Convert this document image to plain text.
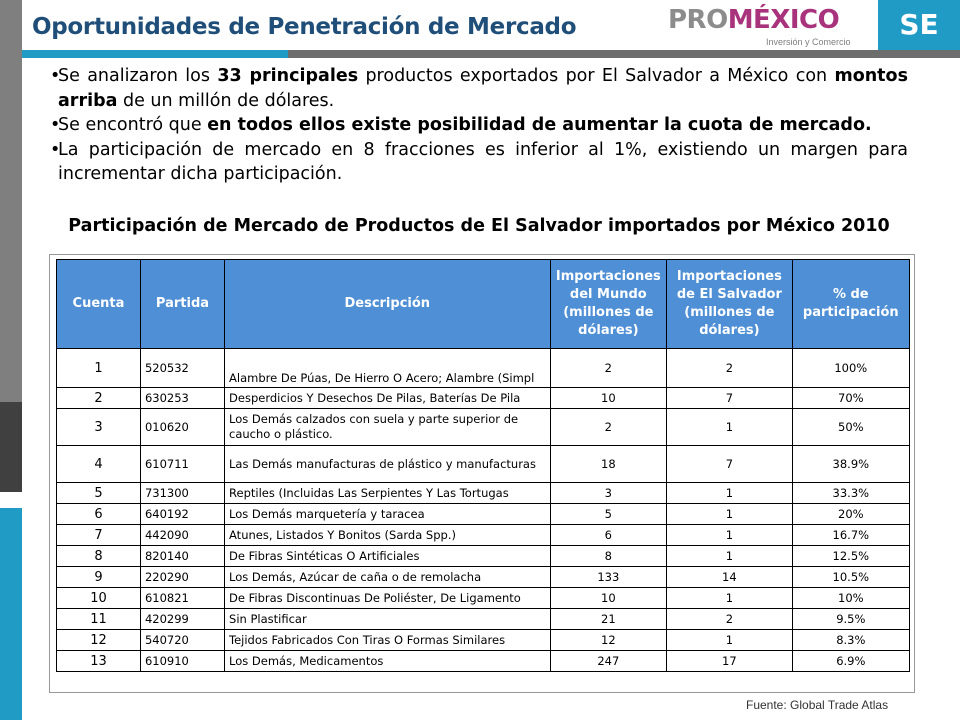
Oportunidades de Penetración de Mercado	PROMÉXICO
Inversión y Comercio
SE
• Se analizaron los 33 principales productos exportados por El Salvador a México con montos arriba de un millón de dólares.
• Se encontró que en todos ellos existe posibilidad de aumentar la cuota de mercado.
• La participación de mercado en 8 fracciones es inferior al 1%, existiendo un margen para incrementar dicha participación.
Participación de Mercado de Productos de El Salvador importados por México 2010
Cuenta	Partida	Descripción	Importaciones del Mundo (millones de dólares)	Importaciones de El Salvador (millones de dólares)	% de participación
1	520532	Alambre De Púas, De Hierro O Acero; Alambre (Simpl	2	2	100%
2	630253	Desperdicios Y Desechos De Pilas, Baterías De Pila	10	7	70%
3	010620	Los Demás calzados con suela y parte superior de caucho o plástico.	2	1	50%
4	610711	Las Demás manufacturas de plástico y manufacturas	18	7	38.9%
5	731300	Reptiles (Incluidas Las Serpientes Y Las Tortugas	3	1	33.3%
6	640192	Los Demás marquetería y taracea	5	1	20%
7	442090	Atunes, Listados Y Bonitos (Sarda Spp.)	6	1	16.7%
8	820140	De Fibras Sintéticas O Artificiales	8	1	12.5%
9	220290	Los Demás, Azúcar de caña o de remolacha	133	14	10.5%
10	610821	De Fibras Discontinuas De Poliéster, De Ligamento	10	1	10%
11	420299	Sin Plastificar	21	2	9.5%
12	540720	Tejidos Fabricados Con Tiras O Formas Similares	12	1	8.3%
13	610910	Los Demás, Medicamentos	247	17	6.9%
Fuente: Global Trade Atlas
